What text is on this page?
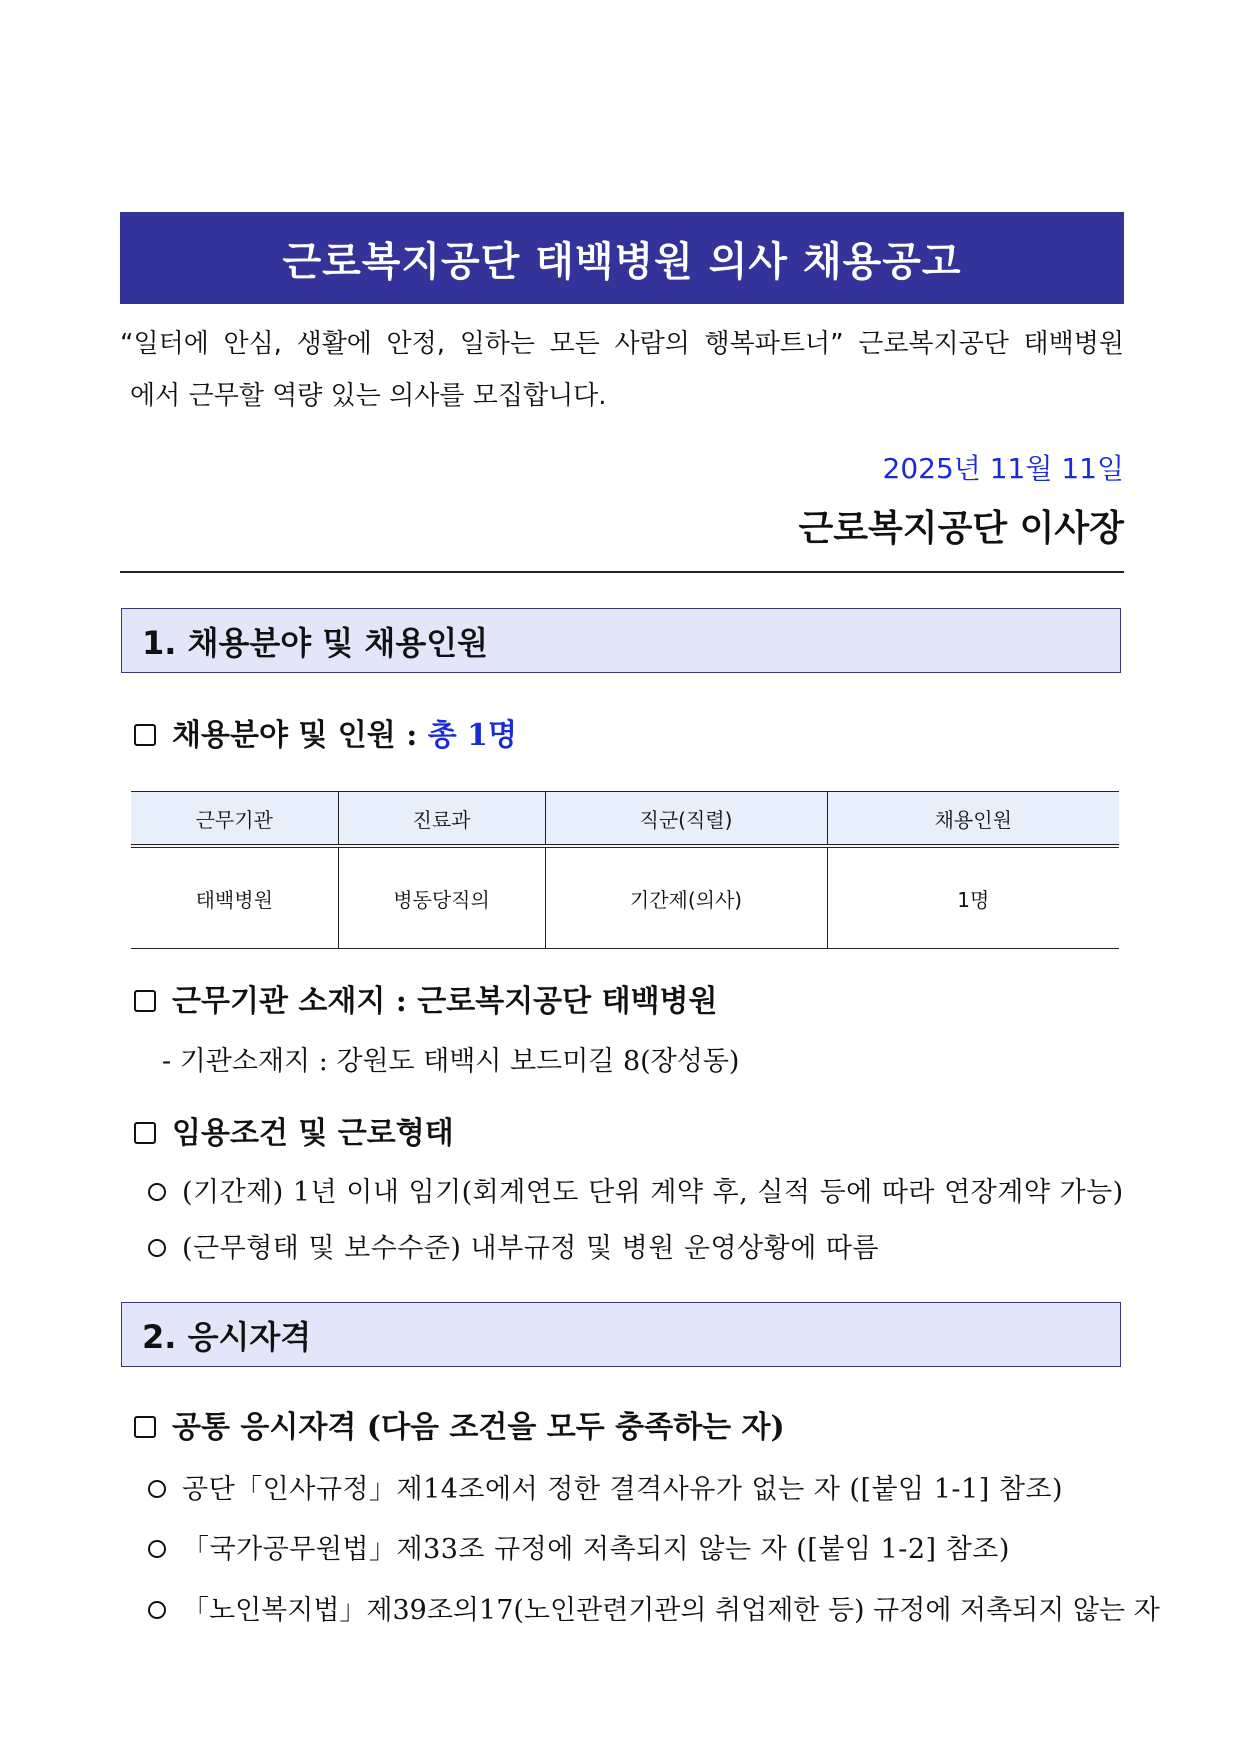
근로복지공단 태백병원 의사 채용공고

“일터에 안심, 생활에 안정, 일하는 모든 사람의 행복파트너” 근로복지공단 태백병원

에서 근무할 역량 있는 의사를 모집합니다.

2025년 11월 11일
근로복지공단 이사장
1. 채용분야 및 채용인원
채용분야 및 인원 : 총 1명
근무기관	진료과	직군(직렬)	채용인원
태백병원	병동당직의	기간제(의사)	1명
근무기관 소재지 : 근로복지공단 태백병원
- 기관소재지 : 강원도 태백시 보드미길 8(장성동)
임용조건 및 근로형태
(기간제) 1년 이내 임기(회계연도 단위 계약 후, 실적 등에 따라 연장계약 가능)
(근무형태 및 보수수준) 내부규정 및 병원 운영상황에 따름
2. 응시자격
공통 응시자격 (다음 조건을 모두 충족하는 자)
공단「인사규정」제14조에서 정한 결격사유가 없는 자 ([붙임 1-1] 참조)
「국가공무원법」제33조 규정에 저촉되지 않는 자 ([붙임 1-2] 참조)
「노인복지법」제39조의17(노인관련기관의 취업제한 등) 규정에 저촉되지 않는 자
